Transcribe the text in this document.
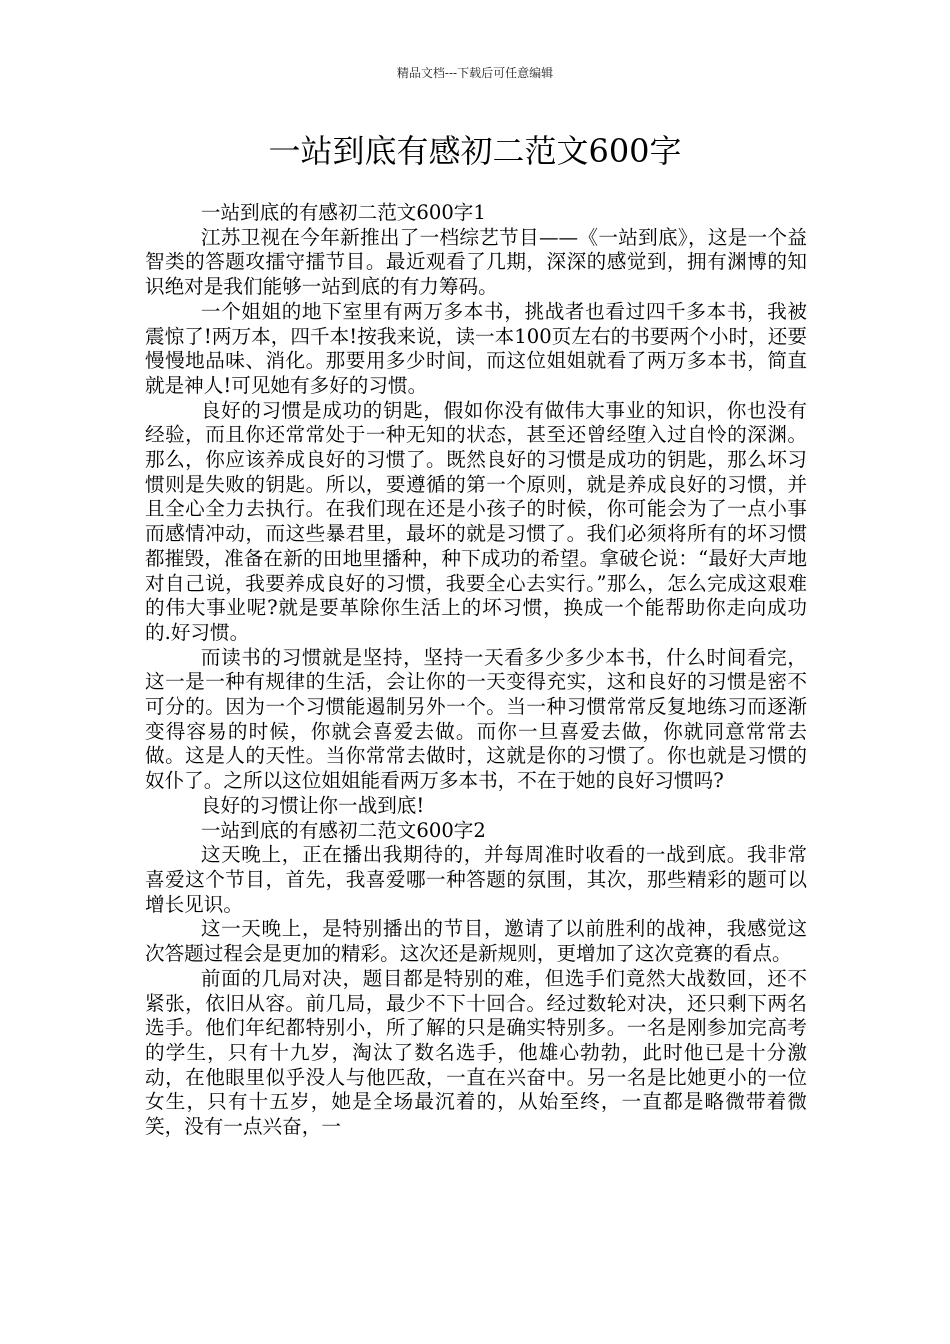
精品文档---下载后可任意编辑
一站到底有感初二范文600字

一站到底的有感初二范文600字1

江苏卫视在今年新推出了一档综艺节目——《一站到底》，这是一个益智类的答题攻擂守擂节目。最近观看了几期，深深的感觉到，拥有渊博的知识绝对是我们能够一站到底的有力筹码。

一个姐姐的地下室里有两万多本书，挑战者也看过四千多本书，我被震惊了!两万本，四千本!按我来说，读一本100页左右的书要两个小时，还要慢慢地品味、消化。那要用多少时间，而这位姐姐就看了两万多本书，简直就是神人!可见她有多好的习惯。

良好的习惯是成功的钥匙，假如你没有做伟大事业的知识，你也没有经验，而且你还常常处于一种无知的状态，甚至还曾经堕入过自怜的深渊。那么，你应该养成良好的习惯了。既然良好的习惯是成功的钥匙，那么坏习惯则是失败的钥匙。所以，要遵循的第一个原则，就是养成良好的习惯，并且全心全力去执行。在我们现在还是小孩子的时候，你可能会为了一点小事而感情冲动，而这些暴君里，最坏的就是习惯了。我们必须将所有的坏习惯都摧毁，准备在新的田地里播种，种下成功的希望。拿破仑说：“最好大声地对自己说，我要养成良好的习惯，我要全心去实行。”那么，怎么完成这艰难的伟大事业呢?就是要革除你生活上的坏习惯，换成一个能帮助你走向成功的.好习惯。

而读书的习惯就是坚持，坚持一天看多少多少本书，什么时间看完，这一是一种有规律的生活，会让你的一天变得充实，这和良好的习惯是密不可分的。因为一个习惯能遏制另外一个。当一种习惯常常反复地练习而逐渐变得容易的时候，你就会喜爱去做。而你一旦喜爱去做，你就同意常常去做。这是人的天性。当你常常去做时，这就是你的习惯了。你也就是习惯的奴仆了。之所以这位姐姐能看两万多本书，不在于她的良好习惯吗?

良好的习惯让你一战到底!

一站到底的有感初二范文600字2

这天晚上，正在播出我期待的，并每周准时收看的一战到底。我非常喜爱这个节目，首先，我喜爱哪一种答题的氛围，其次，那些精彩的题可以增长见识。

这一天晚上，是特别播出的节目，邀请了以前胜利的战神，我感觉这次答题过程会是更加的精彩。这次还是新规则，更增加了这次竞赛的看点。

前面的几局对决，题目都是特别的难，但选手们竟然大战数回，还不紧张，依旧从容。前几局，最少不下十回合。经过数轮对决，还只剩下两名选手。他们年纪都特别小，所了解的只是确实特别多。一名是刚参加完高考的学生，只有十九岁，淘汰了数名选手，他雄心勃勃，此时他已是十分激动，在他眼里似乎没人与他匹敌，一直在兴奋中。另一名是比她更小的一位女生，只有十五岁，她是全场最沉着的，从始至终，一直都是略微带着微笑，没有一点兴奋，一
